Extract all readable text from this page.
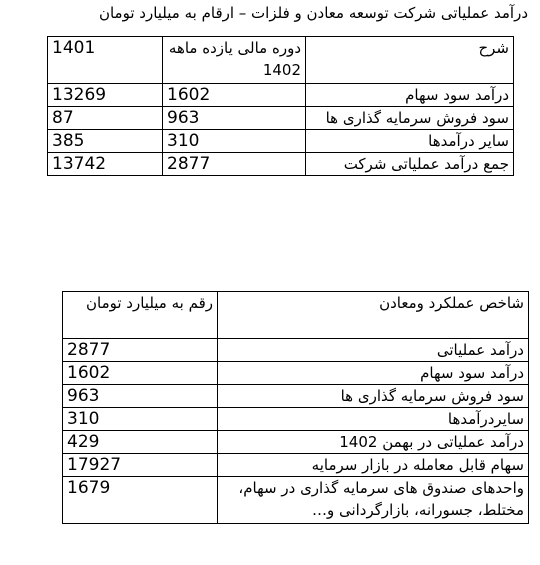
درآمد عملیاتی شرکت توسعه معادن و فلزات – ارقام به میلیارد تومان
شرح	دوره مالی یازده ماهه 1402	1401
درآمد سود سهام	1602	13269
سود فروش سرمایه گذاری ها	963	87
سایر درآمدها	310	385
جمع درآمد عملیاتی شرکت	2877	13742
شاخص عملکرد ومعادن	رقم به میلیارد تومان
درآمد عملیاتی	2877
درآمد سود سهام	1602
سود فروش سرمایه گذاری ها	963
سایردرآمدها	310
درآمد عملیاتی در بهمن 1402	429
سهام قابل معامله در بازار سرمایه	17927
واحدهای صندوق های سرمایه گذاری در سهام، مختلط، جسورانه، بازارگردانی و…	1679
